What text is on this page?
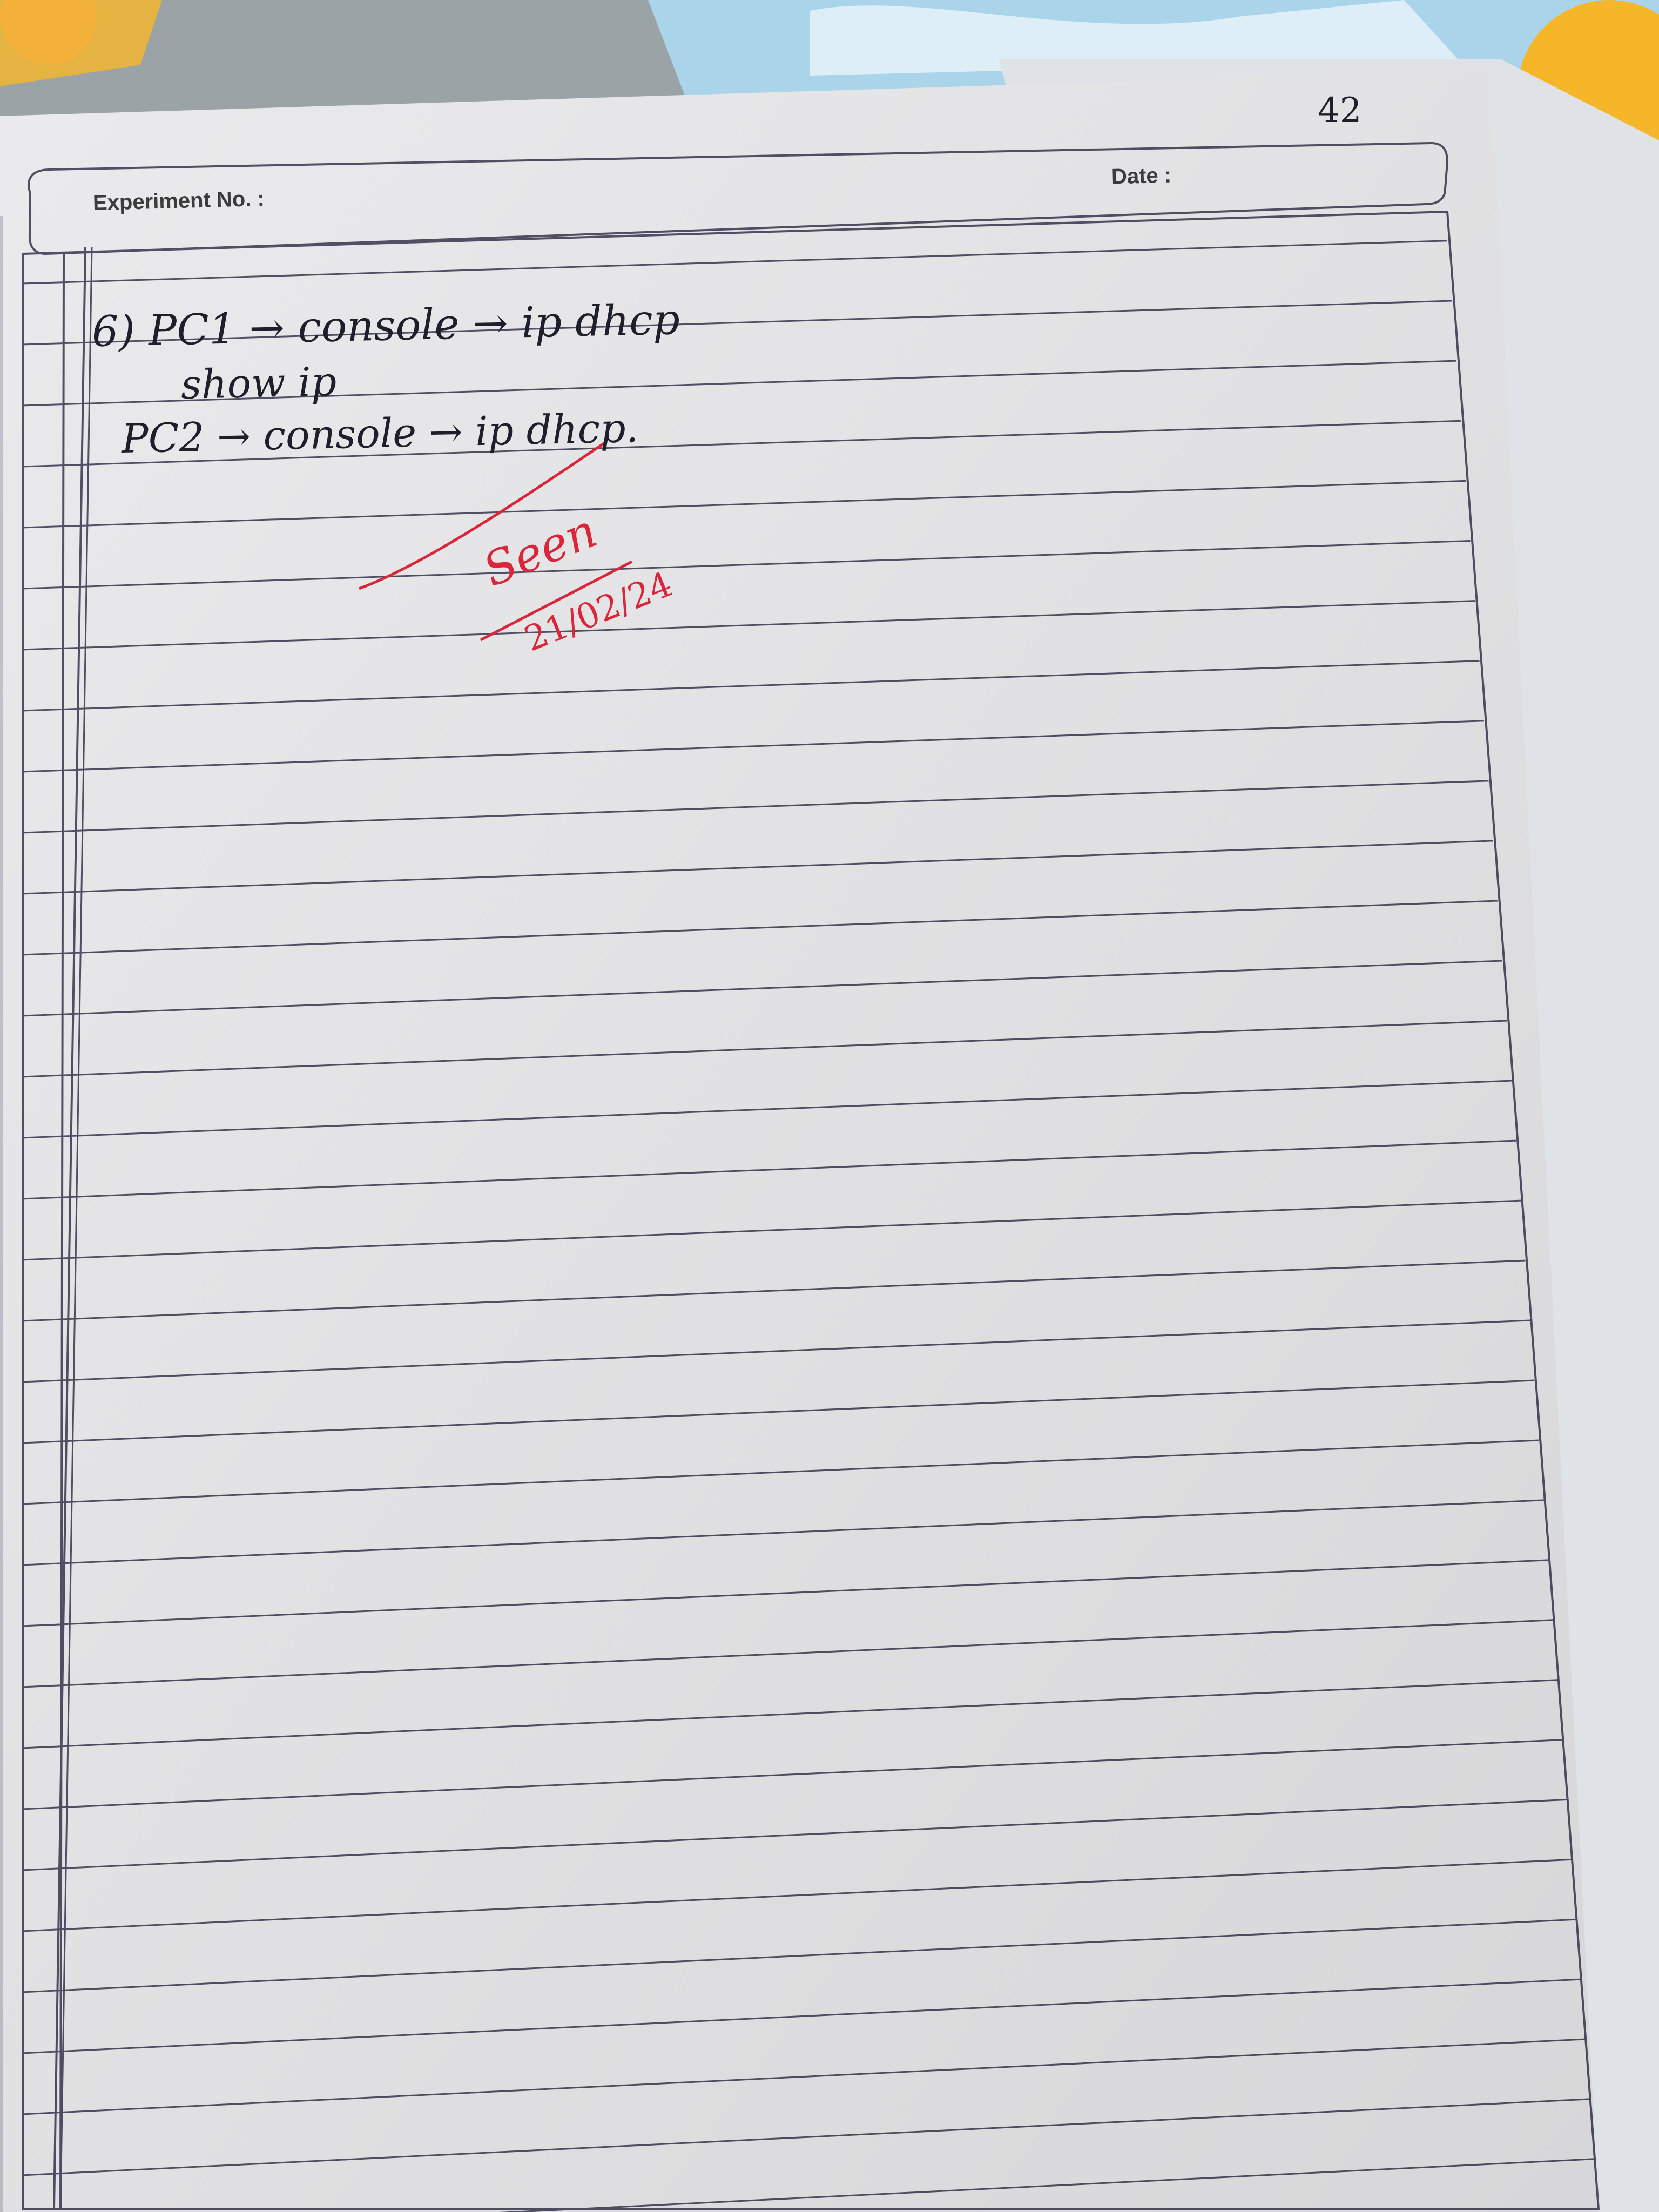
Experiment No. :
Date :
42
6) PC1 → console → ip dhcp
show ip
PC2 → console → ip dhcp.
Seen
21/02/24
